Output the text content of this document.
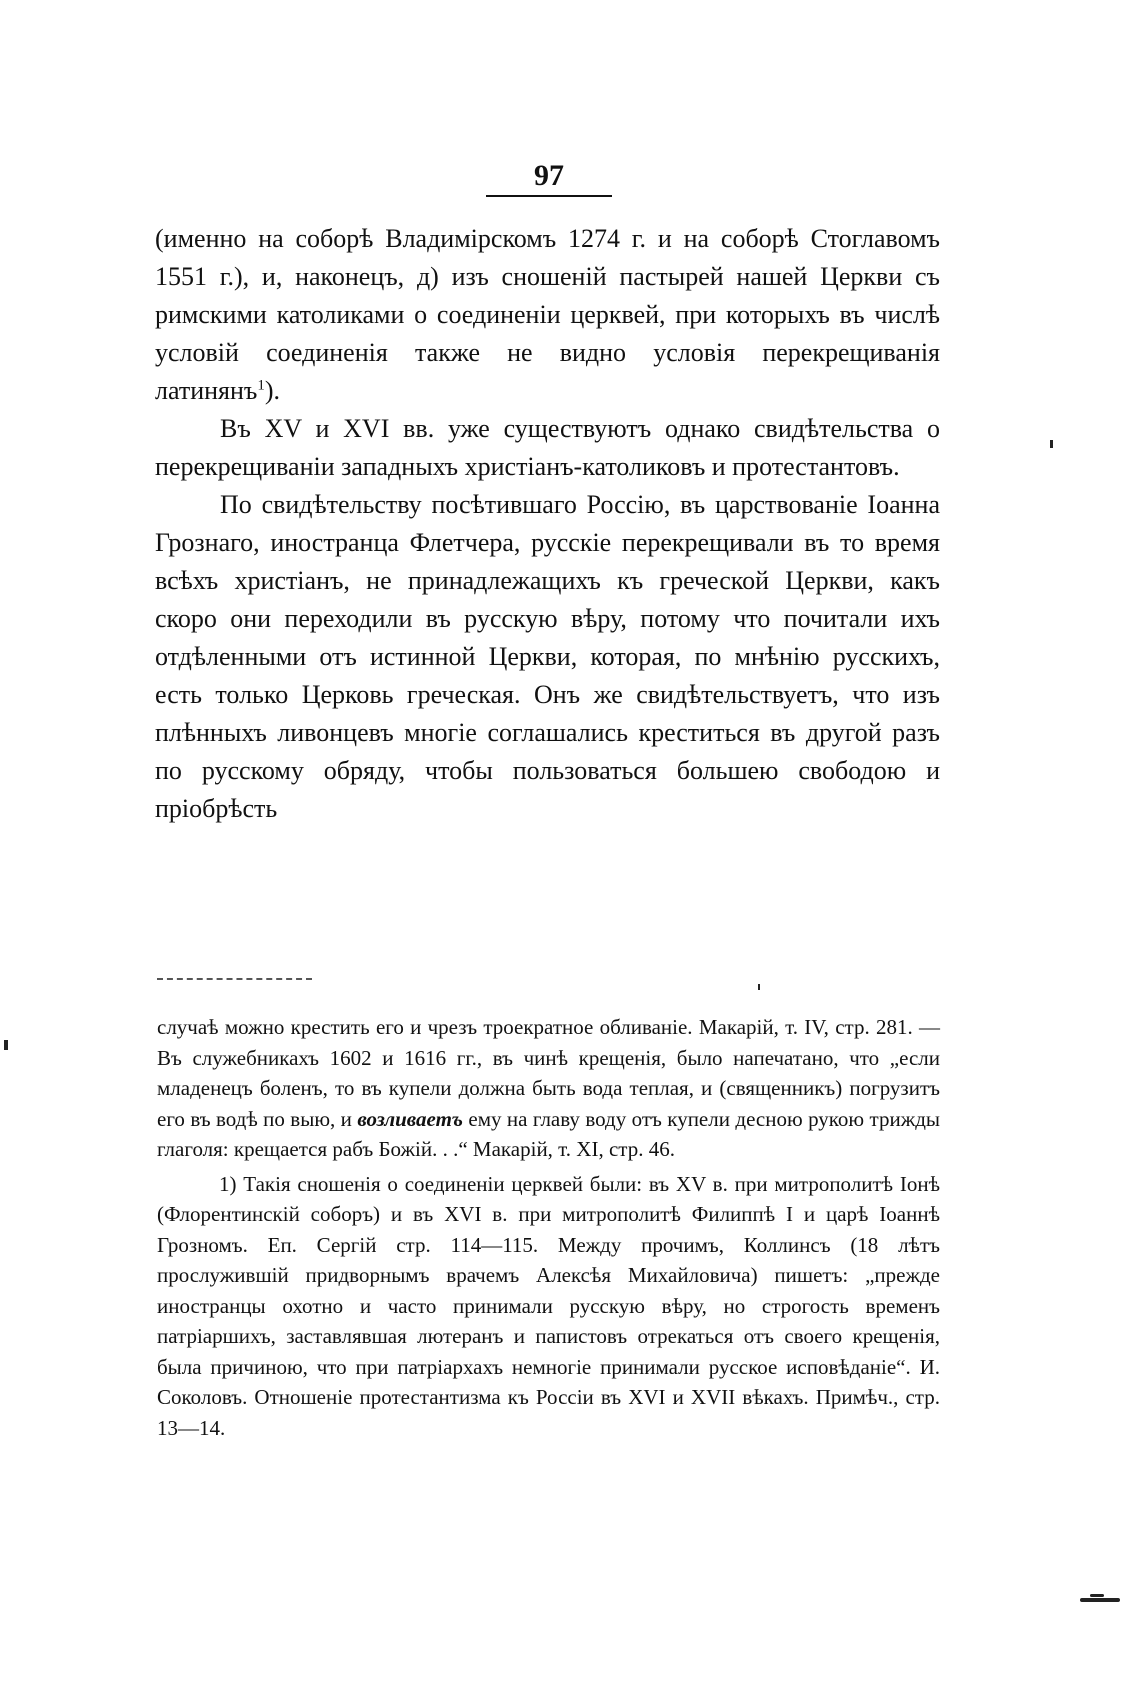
97

(именно на соборѣ Владимірскомъ 1274 г. и на соборѣ Стоглавомъ 1551 г.), и, наконецъ, д) изъ сношеній пастырей нашей Церкви съ римскими католиками о соединеніи церквей, при которыхъ въ числѣ условій соединенія также не видно условія перекрещиванія латинянъ$^1$).

Въ XV и XVI вв. уже существуютъ однако свидѣтельства о перекрещиваніи западныхъ христіанъ-католиковъ и протестантовъ.

По свидѣтельству посѣтившаго Россію, въ царствованіе Іоанна Грознаго, иностранца Флетчера, русскіе перекрещивали въ то время всѣхъ христіанъ, не принадлежащихъ къ греческой Церкви, какъ скоро они переходили въ русскую вѣру, потому что почитали ихъ отдѣленными отъ истинной Церкви, которая, по мнѣнію русскихъ, есть только Церковь греческая. Онъ же свидѣтельствуетъ, что изъ плѣнныхъ ливонцевъ многіе соглашались креститься въ другой разъ по русскому обряду, чтобы пользоваться большею свободою и пріобрѣсть

случаѣ можно крестить его и чрезъ троекратное обливаніе. Макарій, т. IV, стр. 281. — Въ служебникахъ 1602 и 1616 гг., въ чинѣ крещенія, было напечатано, что „если младенецъ боленъ, то въ купели должна быть вода теплая, и (священникъ) погрузитъ его въ водѣ по выю, и возливаетъ ему на главу воду отъ купели десною рукою трижды глаголя: крещается рабъ Божій. . .“ Макарій, т. XI, стр. 46.

1) Такія сношенія о соединеніи церквей были: въ XV в. при митрополитѣ Іонѣ (Флорентинскій соборъ) и въ XVI в. при митрополитѣ Филиппѣ I и царѣ Іоаннѣ Грозномъ. Еп. Сергій стр. 114—115. Между прочимъ, Коллинсъ (18 лѣтъ прослужившій придворнымъ врачемъ Алексѣя Михайловича) пишетъ: „прежде иностранцы охотно и часто принимали русскую вѣру, но строгость временъ патріаршихъ, заставлявшая лютеранъ и папистовъ отрекаться отъ своего крещенія, была причиною, что при патріархахъ немногіе принимали русское исповѣданіе“. И. Соколовъ. Отношеніе протестантизма къ Россіи въ XVI и XVII вѣкахъ. Примѣч., стр. 13—14.
